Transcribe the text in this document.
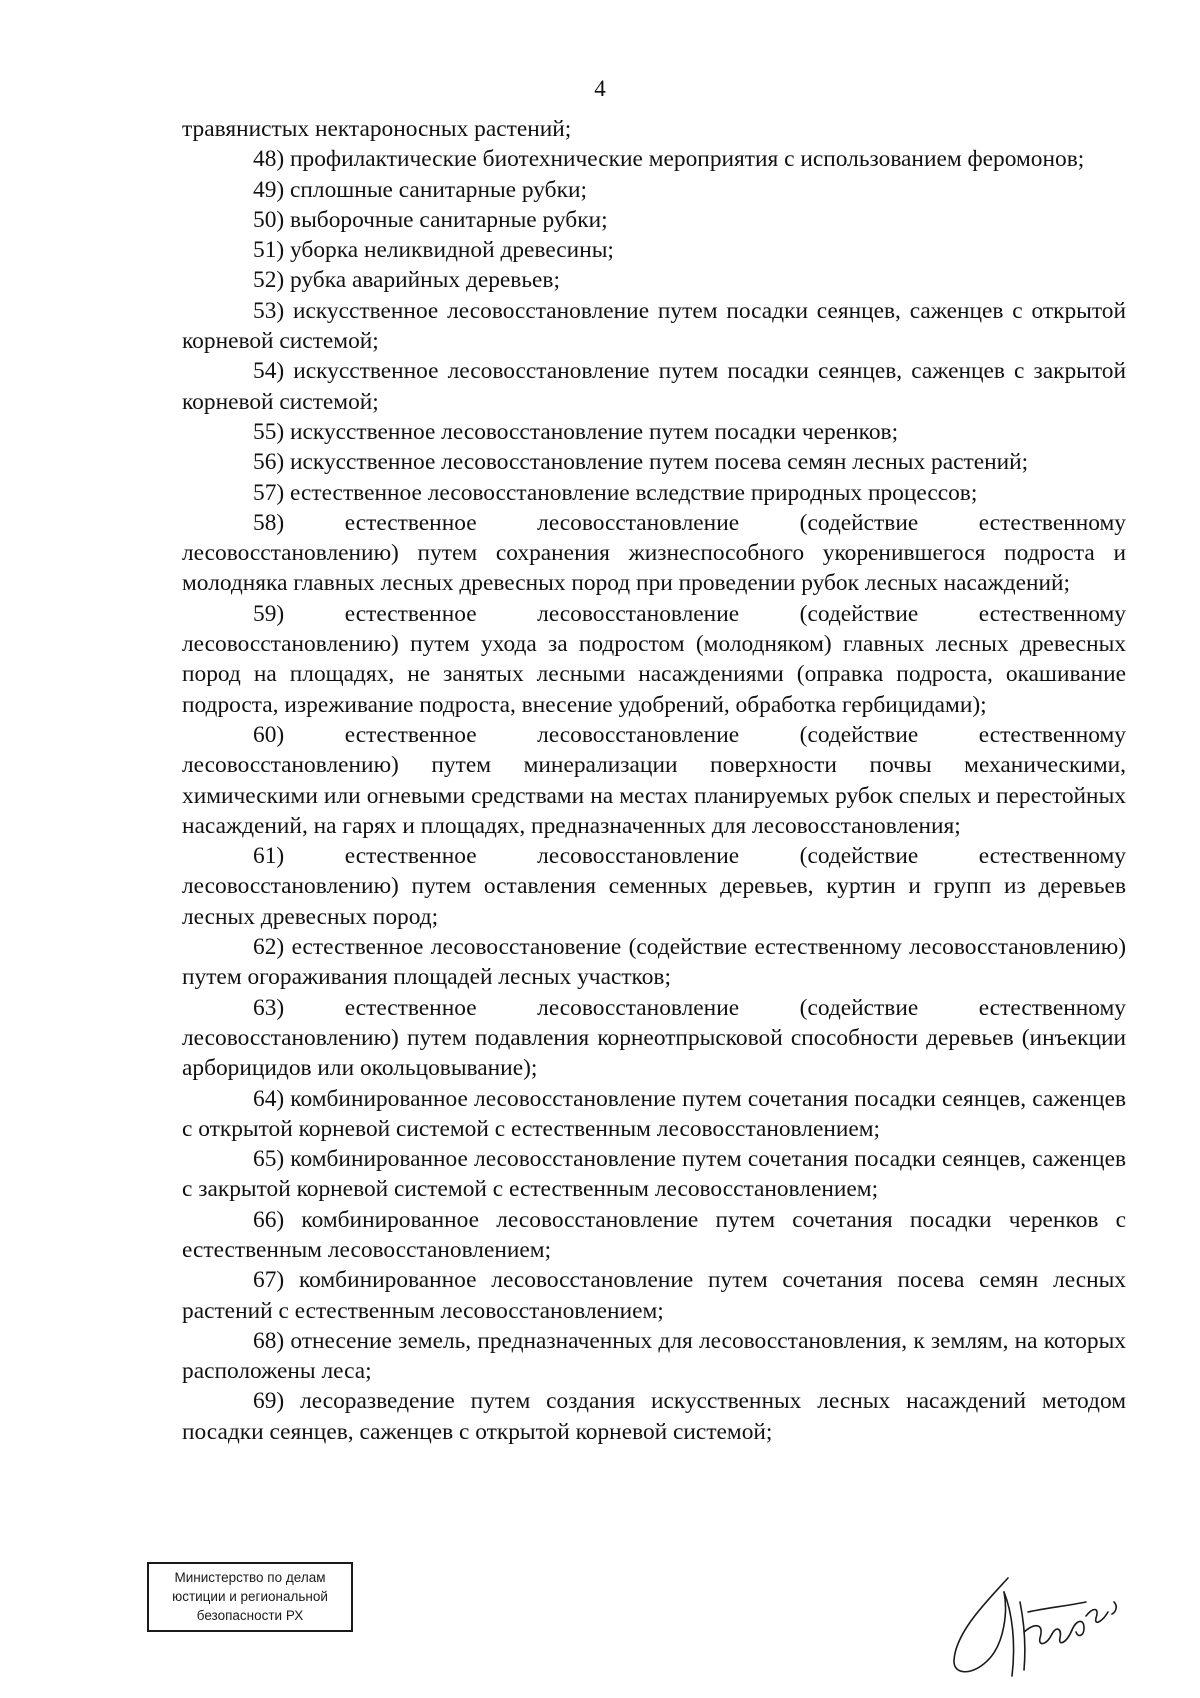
4

травянистых нектароносных растений;

48) профилактические биотехнические мероприятия с использованием феромонов;

49) сплошные санитарные рубки;

50) выборочные санитарные рубки;

51) уборка неликвидной древесины;

52) рубка аварийных деревьев;

53) искусственное лесовосстановление путем посадки сеянцев, саженцев с открытой корневой системой;

54) искусственное лесовосстановление путем посадки сеянцев, саженцев с закрытой корневой системой;

55) искусственное лесовосстановление путем посадки черенков;

56) искусственное лесовосстановление путем посева семян лесных растений;

57) естественное лесовосстановление вследствие природных процессов;

58) естественное лесовосстановление (содействие естественному лесовосстановлению) путем сохранения жизнеспособного укоренившегося подроста и молодняка главных лесных древесных пород при проведении рубок лесных насаждений;

59) естественное лесовосстановление (содействие естественному лесовосстановлению) путем ухода за подростом (молодняком) главных лесных древесных пород на площадях, не занятых лесными насаждениями (оправка подроста, окашивание подроста, изреживание подроста, внесение удобрений, обработка гербицидами);

60) естественное лесовосстановление (содействие естественному лесовосстановлению) путем минерализации поверхности почвы механическими, химическими или огневыми средствами на местах планируемых рубок спелых и перестойных насаждений, на гарях и площадях, предназначенных для лесовосстановления;

61) естественное лесовосстановление (содействие естественному лесовосстановлению) путем оставления семенных деревьев, куртин и групп из деревьев лесных древесных пород;

62) естественное лесовосстановение (содействие естественному лесовосстановлению) путем огораживания площадей лесных участков;

63) естественное лесовосстановление (содействие естественному лесовосстановлению) путем подавления корнеотпрысковой способности деревьев (инъекции арборицидов или окольцовывание);

64) комбинированное лесовосстановление путем сочетания посадки сеянцев, саженцев с открытой корневой системой с естественным лесовосстановлением;

65) комбинированное лесовосстановление путем сочетания посадки сеянцев, саженцев с закрытой корневой системой с естественным лесовосстановлением;

66) комбинированное лесовосстановление путем сочетания посадки черенков с естественным лесовосстановлением;

67) комбинированное лесовосстановление путем сочетания посева семян лесных растений с естественным лесовосстановлением;

68) отнесение земель, предназначенных для лесовосстановления, к землям, на которых расположены леса;

69) лесоразведение путем создания искусственных лесных насаждений методом посадки сеянцев, саженцев с открытой корневой системой;

Министерство по делам
юстиции и региональной
безопасности РХ
